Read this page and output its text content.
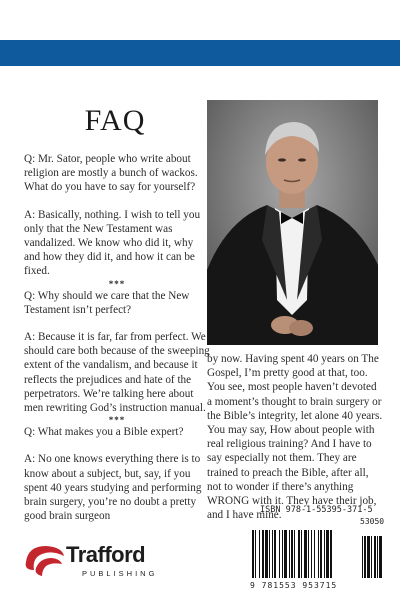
FAQ

Q: Mr. Sator, people who write about religion are mostly a bunch of wackos. What do you have to say for yourself?

A: Basically, nothing. I wish to tell you only that the New Testament was vandalized. We know who did it, why and how they did it, and how it can be fixed.

***

Q: Why should we care that the New Testament isn’t perfect?

A: Because it is far, far from perfect. We should care both because of the sweeping extent of the vandalism, and because it reflects the prejudices and hate of the perpetrators. We’re talking here about men rewriting God’s instruction manual.

***

Q: What makes you a Bible expert?

A: No one knows everything there is to know about a subject, but, say, if you spent 40 years studying and performing brain surgery, you’re no doubt a pretty good brain surgeon

by now. Having spent 40 years on The Gospel, I’m pretty good at that, too. You see, most people haven’t devoted a moment’s thought to brain surgery or the Bible’s integrity, let alone 40 years. You may say, How about people with real religious training? And I have to say especially not them. They are trained to preach the Bible, after all, not to wonder if there’s anything WRONG with it. They have their job, and I have mine.

Trafford
PUBLISHING
ISBN 978-1-55395-371-5
53050
9 781553 953715
